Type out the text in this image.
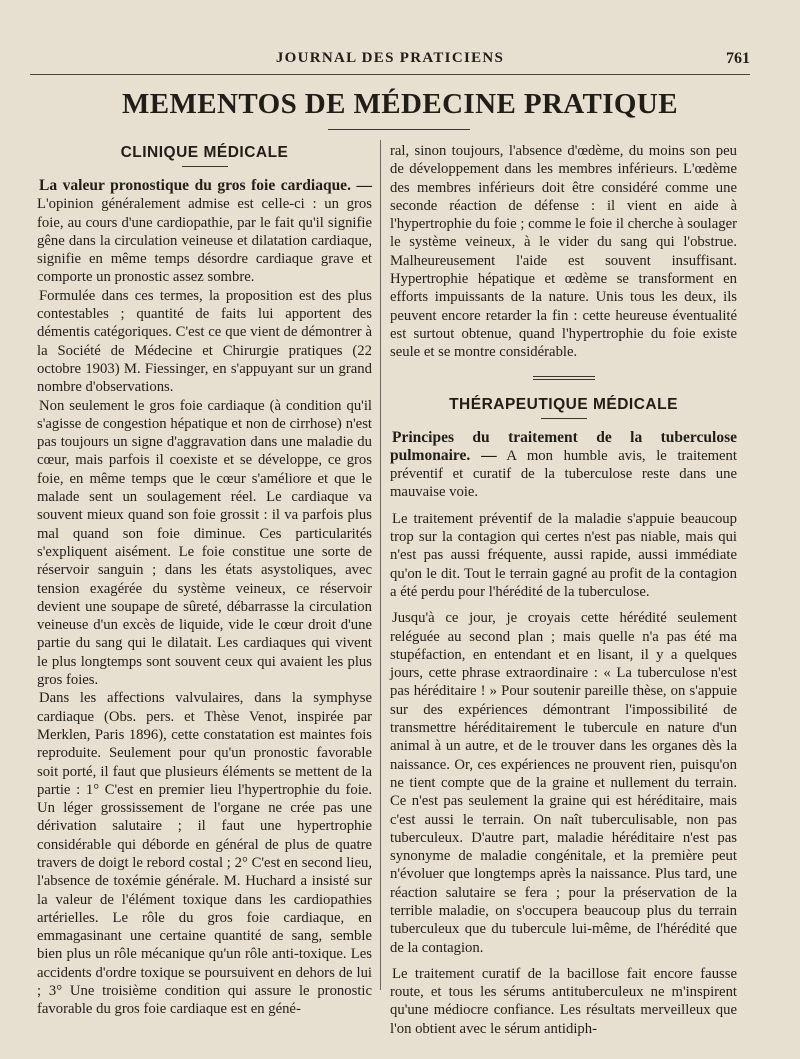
JOURNAL DES PRATICIENS	761
MEMENTOS DE MÉDECINE PRATIQUE
CLINIQUE MÉDICALE

La valeur pronostique du gros foie cardiaque. — L'opinion généralement admise est celle-ci : un gros foie, au cours d'une cardiopathie, par le fait qu'il signifie gêne dans la circulation veineuse et dilatation cardiaque, signifie en même temps désordre cardiaque grave et comporte un pronostic assez sombre.

Formulée dans ces termes, la proposition est des plus contestables ; quantité de faits lui apportent des démentis catégoriques. C'est ce que vient de démontrer à la Société de Médecine et Chirurgie pratiques (22 octobre 1903) M. Fiessinger, en s'appuyant sur un grand nombre d'observations.

Non seulement le gros foie cardiaque (à condition qu'il s'agisse de congestion hépatique et non de cirrhose) n'est pas toujours un signe d'aggravation dans une maladie du cœur, mais parfois il coexiste et se développe, ce gros foie, en même temps que le cœur s'améliore et que le malade sent un soulagement réel. Le cardiaque va souvent mieux quand son foie grossit : il va parfois plus mal quand son foie diminue. Ces particularités s'expliquent aisément. Le foie constitue une sorte de réservoir sanguin ; dans les états asystoliques, avec tension exagérée du système veineux, ce réservoir devient une soupape de sûreté, débarrasse la circulation veineuse d'un excès de liquide, vide le cœur droit d'une partie du sang qui le dilatait. Les cardiaques qui vivent le plus longtemps sont souvent ceux qui avaient les plus gros foies.

Dans les affections valvulaires, dans la symphyse cardiaque (Obs. pers. et Thèse Venot, inspirée par Merklen, Paris 1896), cette constatation est maintes fois reproduite. Seulement pour qu'un pronostic favorable soit porté, il faut que plusieurs éléments se mettent de la partie : 1° C'est en premier lieu l'hypertrophie du foie. Un léger grossissement de l'organe ne crée pas une dérivation salutaire ; il faut une hypertrophie considérable qui déborde en général de plus de quatre travers de doigt le rebord costal ; 2° C'est en second lieu, l'absence de toxémie générale. M. Huchard a insisté sur la valeur de l'élément toxique dans les cardiopathies artérielles. Le rôle du gros foie cardiaque, en emmagasinant une certaine quantité de sang, semble bien plus un rôle mécanique qu'un rôle anti-toxique. Les accidents d'ordre toxique se poursuivent en dehors de lui ; 3° Une troisième condition qui assure le pronostic favorable du gros foie cardiaque est en géné-

ral, sinon toujours, l'absence d'œdème, du moins son peu de développement dans les membres inférieurs. L'œdème des membres inférieurs doit être considéré comme une seconde réaction de défense : il vient en aide à l'hypertrophie du foie ; comme le foie il cherche à soulager le système veineux, à le vider du sang qui l'obstrue. Malheureusement l'aide est souvent insuffisant. Hypertrophie hépatique et œdème se transforment en efforts impuissants de la nature. Unis tous les deux, ils peuvent encore retarder la fin : cette heureuse éventualité est surtout obtenue, quand l'hypertrophie du foie existe seule et se montre considérable.

THÉRAPEUTIQUE MÉDICALE

Principes du traitement de la tuberculose pulmonaire. — A mon humble avis, le traitement préventif et curatif de la tuberculose reste dans une mauvaise voie.

Le traitement préventif de la maladie s'appuie beaucoup trop sur la contagion qui certes n'est pas niable, mais qui n'est pas aussi fréquente, aussi rapide, aussi immédiate qu'on le dit. Tout le terrain gagné au profit de la contagion a été perdu pour l'hérédité de la tuberculose.

Jusqu'à ce jour, je croyais cette hérédité seulement reléguée au second plan ; mais quelle n'a pas été ma stupéfaction, en entendant et en lisant, il y a quelques jours, cette phrase extraordinaire : « La tuberculose n'est pas héréditaire ! » Pour soutenir pareille thèse, on s'appuie sur des expériences démontrant l'impossibilité de transmettre héréditairement le tubercule en nature d'un animal à un autre, et de le trouver dans les organes dès la naissance. Or, ces expériences ne prouvent rien, puisqu'on ne tient compte que de la graine et nullement du terrain. Ce n'est pas seulement la graine qui est héréditaire, mais c'est aussi le terrain. On naît tuberculisable, non pas tuberculeux. D'autre part, maladie héréditaire n'est pas synonyme de maladie congénitale, et la première peut n'évoluer que longtemps après la naissance. Plus tard, une réaction salutaire se fera ; pour la préservation de la terrible maladie, on s'occupera beaucoup plus du terrain tuberculeux que du tubercule lui-même, de l'hérédité que de la contagion.

Le traitement curatif de la bacillose fait encore fausse route, et tous les sérums antituberculeux ne m'inspirent qu'une médiocre confiance. Les résultats merveilleux que l'on obtient avec le sérum antidiph-
